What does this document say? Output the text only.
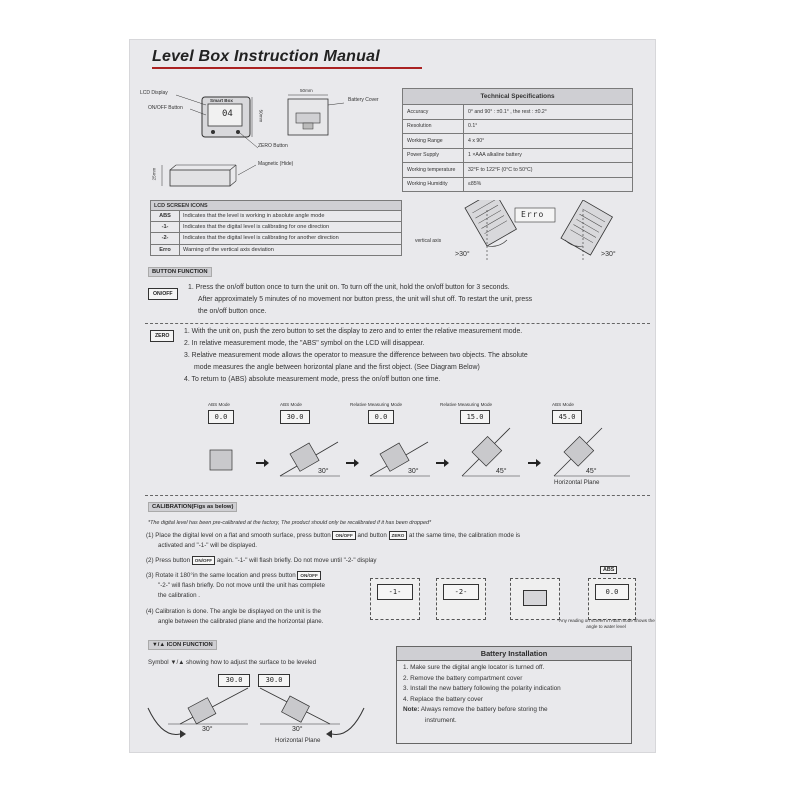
Level Box Instruction Manual
LCD Display
ON/OFF Button
Smart Box
04
ZERO Button
50mm
50mm
25mm
Magnetic (Hide)
Battery Cover	Technical Specifications	
Accuracy	0° and 90° : ±0.1° , the rest : ±0.2°
Resolution	0.1°
Working Range	4 x 90°
Power Supply	1 ×AAA alkaline battery
Working temperature	32°F to 122°F (0°C to 50°C)
Working Humidity	≤85%
LCD SCREEN ICONS	
ABS	Indicates that the level is working in absolute angle mode
-1-	Indicates that the digital level is calibrating for one direction
-2-	Indicates that the digital level is calibrating for another direction
Erro	Warning of the vertical axis deviation
Erro
vertical axis
>30°	>30°
BUTTON FUNCTION
ON/OFF
1. Press the on/off button once to turn the unit on. To turn off the unit, hold the on/off button for 3 seconds.
After approximately 5 minutes of no movement nor button press, the unit will shut off. To restart the unit, press
the on/off button once.
ZERO
1. With the unit on, push the zero button to set the display to zero and to enter the relative measurement mode.
2. In relative measurement mode, the "ABS" symbol on the LCD will disappear.
3. Relative measurement mode allows the operator to measure the difference between two objects. The absolute
mode measures the angle between horizontal plane and the first object. (See Diagram Below)
4. To return to (ABS) absolute measurement mode, press the on/off button one time.
ABS Mode
0.0
ABS Mode
30.0
Relative Measuring Mode
0.0
Relative Measuring Mode
15.0
ABS Mode
45.0
30°	30°	45°	45°
Horizontal Plane
CALIBRATION(Figs as below)
*The digital level has been pre-calibrated at the factory, The product should only be recalibrated if it has been dropped*
(1) Place the digital level on a flat and smooth surface, press button ON/OFF and button ZERO at the same time, the calibration mode is
activated and "-1-" will be displayed.
(2) Press button ON/OFF again. "-1-" will flash briefly. Do not move until "-2-" display
(3) Rotate it 180°in the same location and press button ON/OFF
"-2-" will flash briefly. Do not move until the unit has complete
the calibration .
(4) Calibration is done. The angle be displayed on the unit is the
angle between the calibrated plane and the horizontal plane.
-1-	-2-
ABS
0.0
*Any reading on screen in ABS mode shows the angle to water level
▼/▲ ICON FUNCTION
Symbol ▼/▲ showing how to adjust the surface to be leveled
30.0	30.0
30°	30°
Horizontal Plane
Battery Installation
1. Make sure the digital angle locator is turned off.
2. Remove the battery compartment cover
3. Install the new battery following the polarity indication
4. Replace the battery cover
Note: Always remove the battery before storing the
instrument.
